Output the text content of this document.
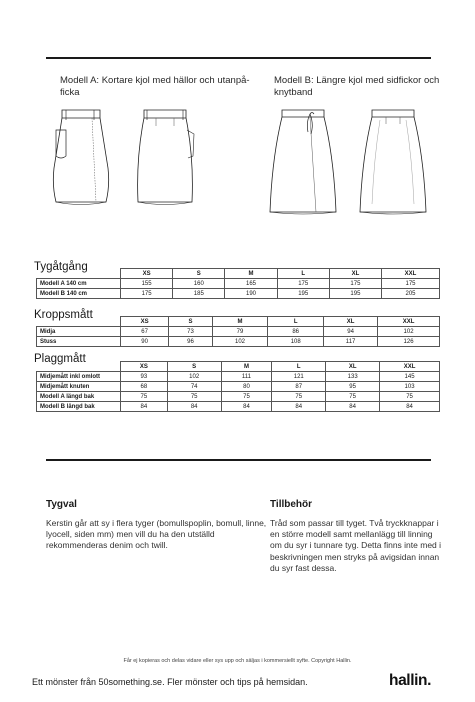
Modell A: Kortare kjol med hällor och utanpå-ficka
Modell B: Längre kjol med sidfickor och knytband
Tygåtgång
	XS	S	M	L	XL	XXL
Modell A 140 cm	155	160	165	175	175	175
Modell B 140 cm	175	185	190	195	195	205
Kroppsmått
	XS	S	M	L	XL	XXL
Midja	67	73	79	86	94	102
Stuss	90	96	102	108	117	126
Plaggmått
	XS	S	M	L	XL	XXL
Midjemått inkl omlott	93	102	111	121	133	145
Midjemått knuten	68	74	80	87	95	103
Modell A längd bak	75	75	75	75	75	75
Modell B längd bak	84	84	84	84	84	84
Tygval
Kerstin går att sy i flera tyger (bomullspoplin, bomull, linne, lyocell, siden mm) men vill du ha den utställd rekommenderas denim och twill.
Tillbehör
Tråd som passar till tyget. Två tryckknappar i en större modell samt mellanlägg till linning om du syr i tunnare tyg. Detta finns inte med i beskrivningen men stryks på avigsidan innan du syr fast dessa.
Får ej kopieras och delas vidare eller sys upp och säljas i kommersiellt syfte. Copyright Hallin.
Ett mönster från 50something.se. Fler mönster och tips på hemsidan.	hallin.
